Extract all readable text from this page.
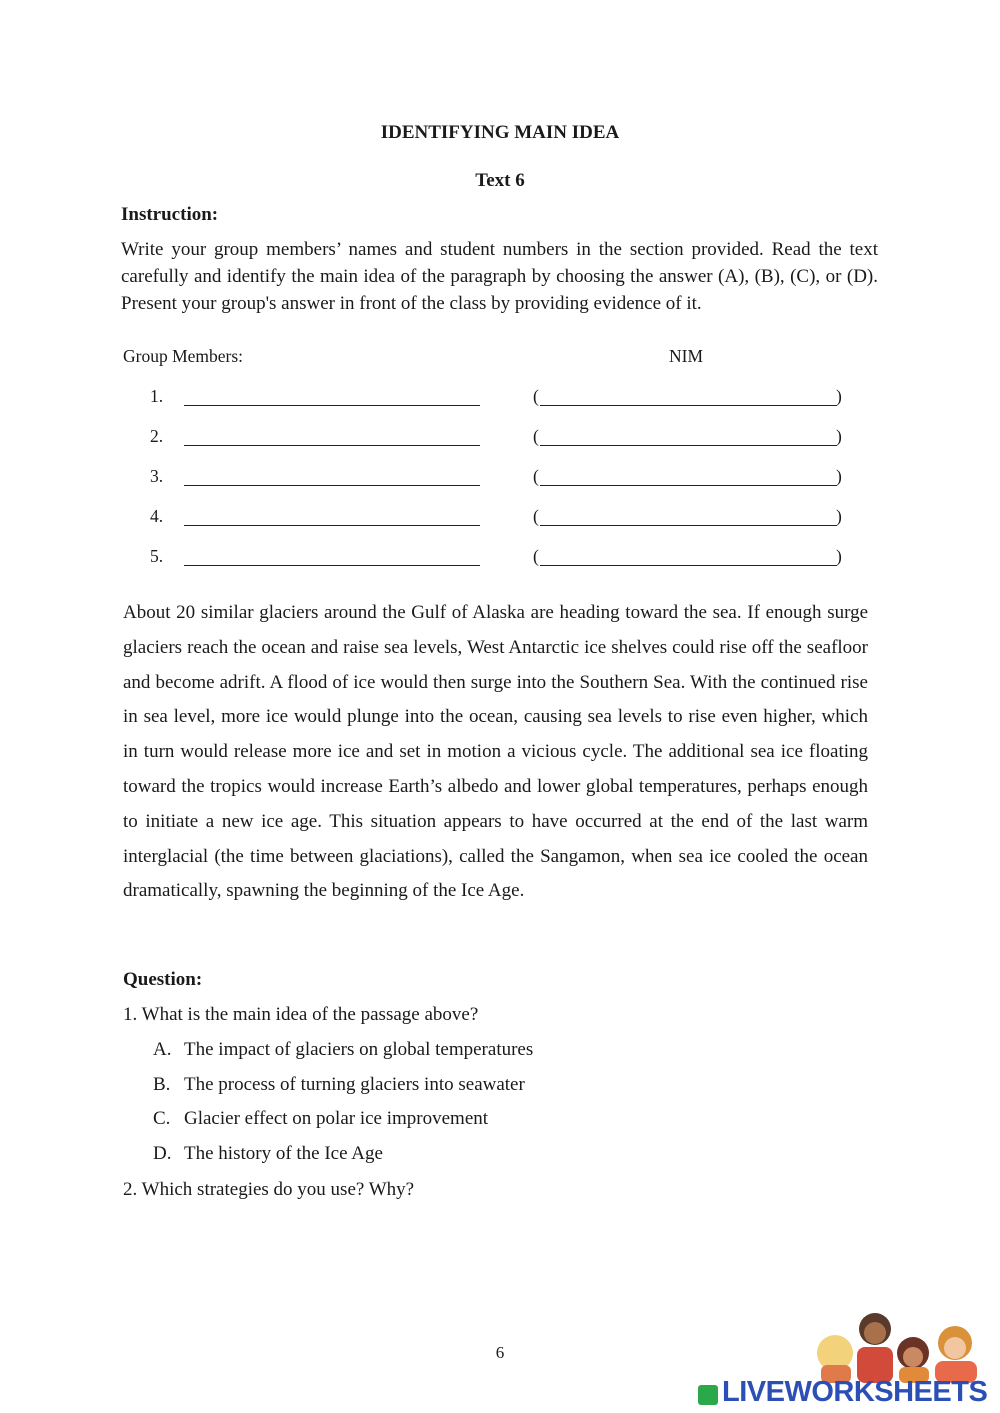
IDENTIFYING MAIN IDEA
Text 6
Instruction:
Write your group members’ names and student numbers in the section provided. Read the text carefully and identify the main idea of the paragraph by choosing the answer (A), (B), (C), or (D). Present your group's answer in front of the class by providing evidence of it.
Group Members:	NIM
1.	(	)
2.	(	)
3.	(	)
4.	(	)
5.	(	)
About 20 similar glaciers around the Gulf of Alaska are heading toward the sea. If enough surge glaciers reach the ocean and raise sea levels, West Antarctic ice shelves could rise off the seafloor and become adrift. A flood of ice would then surge into the Southern Sea. With the continued rise in sea level, more ice would plunge into the ocean, causing sea levels to rise even higher, which in turn would release more ice and set in motion a vicious cycle. The additional sea ice floating toward the tropics would increase Earth’s albedo and lower global temperatures, perhaps enough to initiate a new ice age. This situation appears to have occurred at the end of the last warm interglacial (the time between glaciations), called the Sangamon, when sea ice cooled the ocean dramatically, spawning the beginning of the Ice Age.
Question:
1. What is the main idea of the passage above?
A. The impact of glaciers on global temperatures
B. The process of turning glaciers into seawater
C. Glacier effect on polar ice improvement
D. The history of the Ice Age
2. Which strategies do you use? Why?
6
LIVEWORKSHEETS
